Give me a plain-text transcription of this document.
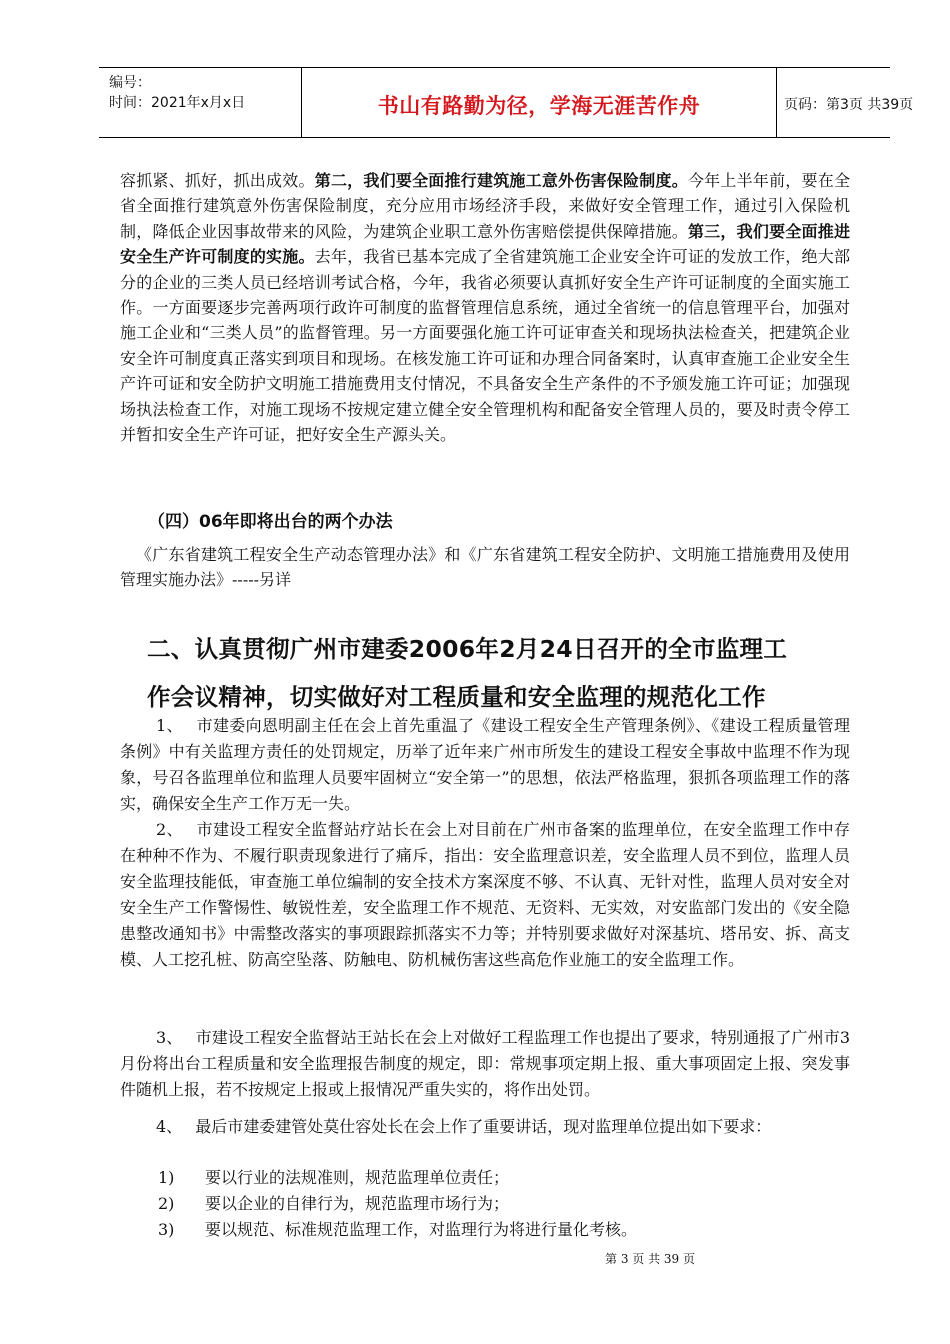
编号：
时间：2021年x月x日	书山有路勤为径，学海无涯苦作舟	页码：第3页 共39页
容抓紧、抓好，抓出成效。第二，我们要全面推行建筑施工意外伤害保险制度。今年上半年前，要在全省全面推行建筑意外伤害保险制度，充分应用市场经济手段，来做好安全管理工作，通过引入保险机制，降低企业因事故带来的风险，为建筑企业职工意外伤害赔偿提供保障措施。第三，我们要全面推进安全生产许可制度的实施。去年，我省已基本完成了全省建筑施工企业安全许可证的发放工作，绝大部分的企业的三类人员已经培训考试合格，今年，我省必须要认真抓好安全生产许可证制度的全面实施工作。一方面要逐步完善两项行政许可制度的监督管理信息系统，通过全省统一的信息管理平台，加强对施工企业和“三类人员”的监督管理。另一方面要强化施工许可证审查关和现场执法检查关，把建筑企业安全许可制度真正落实到项目和现场。在核发施工许可证和办理合同备案时，认真审查施工企业安全生产许可证和安全防护文明施工措施费用支付情况，不具备安全生产条件的不予颁发施工许可证；加强现场执法检查工作，对施工现场不按规定建立健全安全管理机构和配备安全管理人员的，要及时责令停工并暂扣安全生产许可证，把好安全生产源头关。
（四）06年即将出台的两个办法
《广东省建筑工程安全生产动态管理办法》和《广东省建筑工程安全防护、文明施工措施费用及使用管理实施办法》-----另详
二、认真贯彻广州市建委2006年2月24日召开的全市监理工
作会议精神，切实做好对工程质量和安全监理的规范化工作
1、　 市建委向恩明副主任在会上首先重温了《建设工程安全生产管理条例》、《建设工程质量管理条例》中有关监理方责任的处罚规定，历举了近年来广州市所发生的建设工程安全事故中监理不作为现象，号召各监理单位和监理人员要牢固树立“安全第一”的思想，依法严格监理，狠抓各项监理工作的落实，确保安全生产工作万无一失。
2、　 市建设工程安全监督站疗站长在会上对目前在广州市备案的监理单位，在安全监理工作中存在种种不作为、不履行职责现象进行了痛斥，指出：安全监理意识差，安全监理人员不到位，监理人员安全监理技能低，审查施工单位编制的安全技术方案深度不够、不认真、无针对性，监理人员对安全对安全生产工作警惕性、敏锐性差，安全监理工作不规范、无资料、无实效，对安监部门发出的《安全隐患整改通知书》中需整改落实的事项跟踪抓落实不力等；并特别要求做好对深基坑、塔吊安、拆、高支模、人工挖孔桩、防高空坠落、防触电、防机械伤害这些高危作业施工的安全监理工作。
3、　 市建设工程安全监督站王站长在会上对做好工程监理工作也提出了要求，特别通报了广州市3月份将出台工程质量和安全监理报告制度的规定，即：常规事项定期上报、重大事项固定上报、突发事件随机上报，若不按规定上报或上报情况严重失实的，将作出处罚。
4、　 最后市建委建管处莫仕容处长在会上作了重要讲话，现对监理单位提出如下要求：
1) 要以行业的法规准则，规范监理单位责任；
2) 要以企业的自律行为，规范监理市场行为；
3) 要以规范、标准规范监理工作，对监理行为将进行量化考核。
第 3 页 共 39 页
